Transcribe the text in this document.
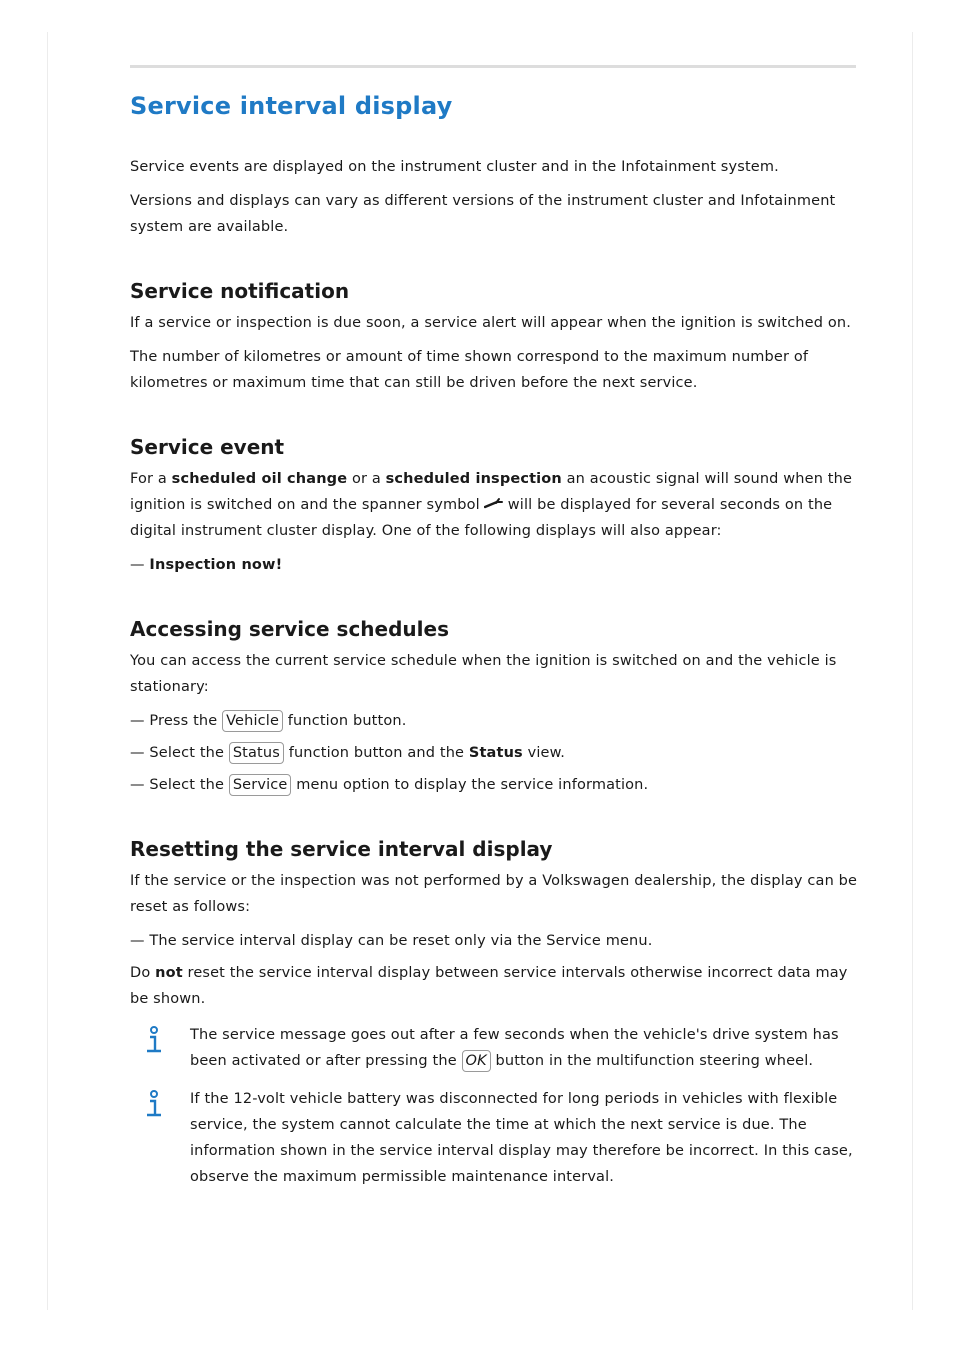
Service interval display

Service events are displayed on the instrument cluster and in the Infotainment system.

Versions and displays can vary as different versions of the instrument cluster and Infotainment system are available.

Service notification

If a service or inspection is due soon, a service alert will appear when the ignition is switched on.

The number of kilometres or amount of time shown correspond to the maximum number of kilometres or maximum time that can still be driven before the next service.

Service event

For a scheduled oil change or a scheduled inspection an acoustic signal will sound when the ignition is switched on and the spanner symbol will be displayed for several seconds on the digital instrument cluster display. One of the following displays will also appear:

— Inspection now!

Accessing service schedules

You can access the current service schedule when the ignition is switched on and the vehicle is stationary:

— Press the Vehicle function button.
— Select the Status function button and the Status view.
— Select the Service menu option to display the service information.
Resetting the service interval display

If the service or the inspection was not performed by a Volkswagen dealership, the display can be reset as follows:

— The service interval display can be reset only via the Service menu.

Do not reset the service interval display between service intervals otherwise incorrect data may be shown.

The service message goes out after a few seconds when the vehicle's drive system has been activated or after pressing the OK button in the multifunction steering wheel.

If the 12-volt vehicle battery was disconnected for long periods in vehicles with flexible service, the system cannot calculate the time at which the next service is due. The information shown in the service interval display may therefore be incorrect. In this case, observe the maximum permissible maintenance interval.
